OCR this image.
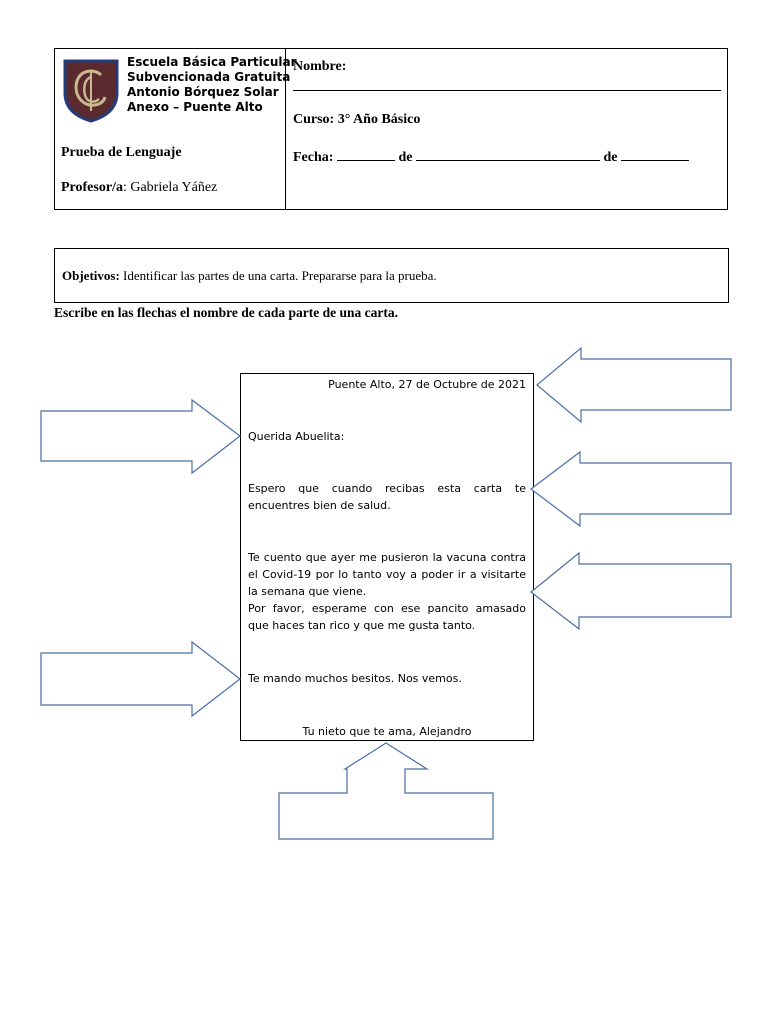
Escuela Básica Particular
Subvencionada Gratuita
Antonio Bórquez Solar
Anexo – Puente Alto
Prueba de Lenguaje
Profesor/a: Gabriela Yáñez
Nombre:
Curso: 3° Año Básico
Fecha:	de	de
Objetivos: Identificar las partes de una carta. Prepararse para la prueba.
Escribe en las flechas el nombre de cada parte de una carta.
Puente Alto, 27 de Octubre de 2021
Querida Abuelita:
Espero que cuando recibas esta carta te encuentres bien de salud.
Te cuento que ayer me pusieron la vacuna contra el Covid-19 por lo tanto voy a poder ir a visitarte la semana que viene.
Por favor, esperame con ese pancito amasado que haces tan rico y que me gusta tanto.
Te mando muchos besitos. Nos vemos.
Tu nieto que te ama, Alejandro
